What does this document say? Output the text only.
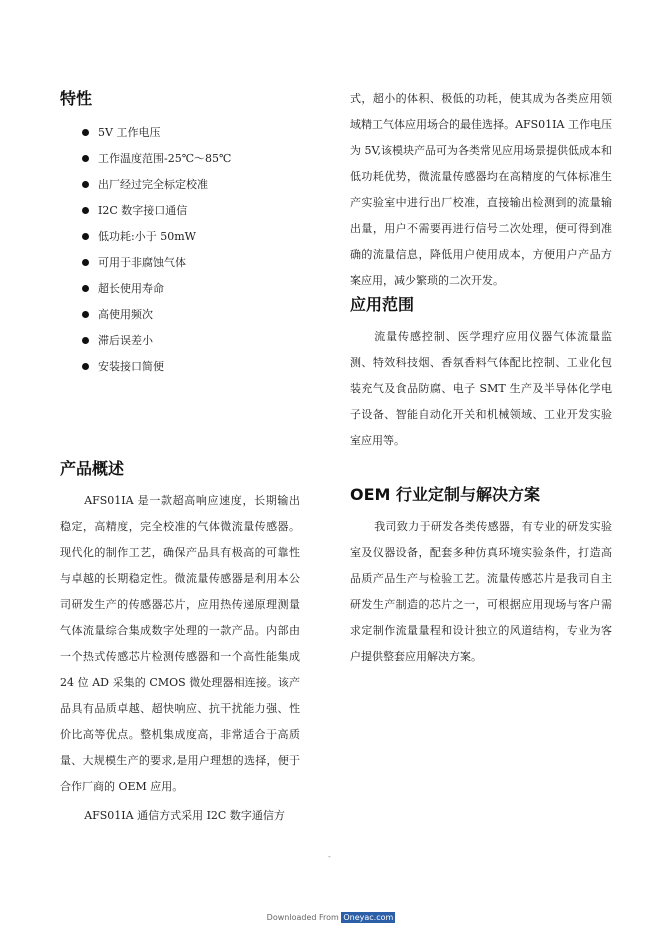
特性
5V 工作电压
工作温度范围-25℃～85℃
出厂经过完全标定校准
I2C 数字接口通信
低功耗:小于 50mW
可用于非腐蚀气体
超长使用寿命
高使用频次
滞后误差小
安装接口简便
产品概述

AFS01IA 是一款超高响应速度，长期输出稳定，高精度，完全校准的气体微流量传感器。现代化的制作工艺，确保产品具有极高的可靠性与卓越的长期稳定性。微流量传感器是利用本公司研发生产的传感器芯片，应用热传递原理测量气体流量综合集成数字处理的一款产品。内部由一个热式传感芯片检测传感器和一个高性能集成 24 位 AD 采集的 CMOS 微处理器相连接。该产品具有品质卓越、超快响应、抗干扰能力强、性价比高等优点。整机集成度高，非常适合于高质量、大规模生产的要求,是用户理想的选择，便于合作厂商的 OEM 应用。

AFS01IA 通信方式采用 I2C 数字通信方

式，超小的体积、极低的功耗，使其成为各类应用领域精工气体应用场合的最佳选择。AFS01IA 工作电压为 5V,该模块产品可为各类常见应用场景提供低成本和低功耗优势，微流量传感器均在高精度的气体标准生产实验室中进行出厂校准，直接输出检测到的流量输出量，用户不需要再进行信号二次处理，便可得到准确的流量信息，降低用户使用成本，方便用户产品方案应用，减少繁琐的二次开发。

应用范围

流量传感控制、医学理疗应用仪器气体流量监测、特效科技烟、香氛香料气体配比控制、工业化包装充气及食品防腐、电子 SMT 生产及半导体化学电子设备、智能自动化开关和机械领域、工业开发实验室应用等。

OEM 行业定制与解决方案

我司致力于研发各类传感器，有专业的研发实验室及仪器设备，配套多种仿真环境实验条件，打造高品质产品生产与检验工艺。流量传感芯片是我司自主研发生产制造的芯片之一，可根据应用现场与客户需求定制作流量量程和设计独立的风道结构，专业为客户提供整套应用解决方案。

-
Downloaded From Oneyac.com
